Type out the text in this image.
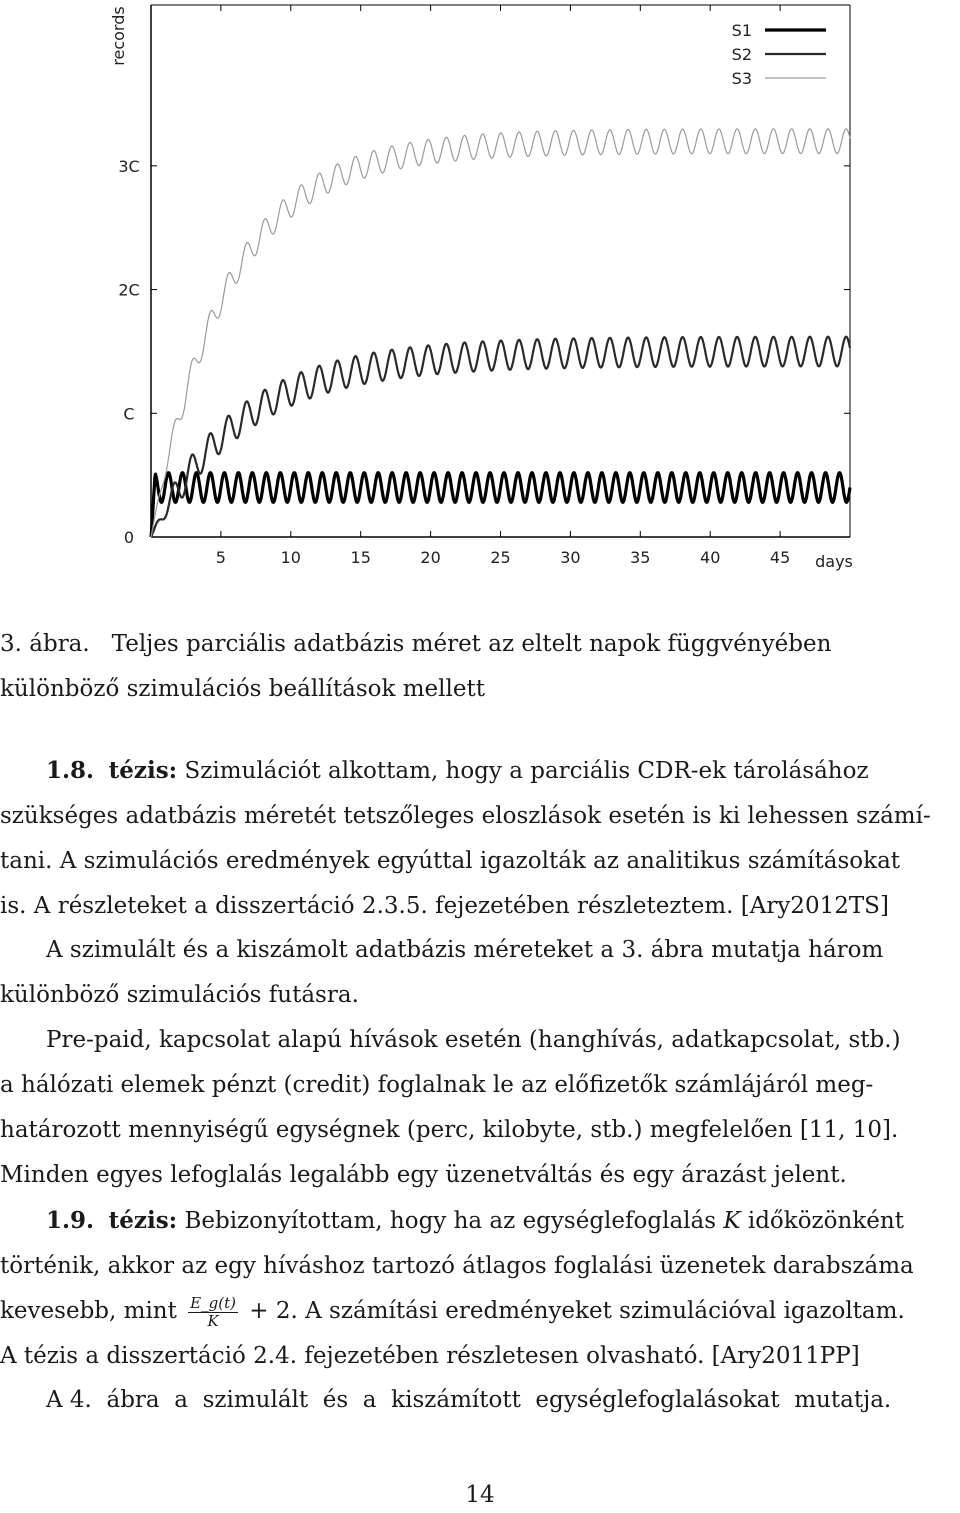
0
C
2C
3C
5	10	15	20	25	30	35	40	45
records
days
S1
S2
S3
3. ábra. Teljes parciális adatbázis méret az eltelt napok függvényében
különböző szimulációs beállítások mellett
1.8. tézis: Szimulációt alkottam, hogy a parciális CDR-ek tárolásához
szükséges adatbázis méretét tetszőleges eloszlások esetén is ki lehessen számí-
tani. A szimulációs eredmények egyúttal igazolták az analitikus számításokat
is. A részleteket a disszertáció 2.3.5. fejezetében részleteztem. [Ary2012TS]
A szimulált és a kiszámolt adatbázis méreteket a 3. ábra mutatja három
különböző szimulációs futásra.
Pre-paid, kapcsolat alapú hívások esetén (hanghívás, adatkapcsolat, stb.)
a hálózati elemek pénzt (credit) foglalnak le az előfizetők számlájáról meg-
határozott mennyiségű egységnek (perc, kilobyte, stb.) megfelelően [11, 10].
Minden egyes lefoglalás legalább egy üzenetváltás és egy árazást jelent.
1.9. tézis: Bebizonyítottam, hogy ha az egységlefoglalás K időközönként
történik, akkor az egy híváshoz tartozó átlagos foglalási üzenetek darabszáma
kevesebb, mint $\frac{E\_g(t)}{K} + 2$. A számítási eredményeket szimulációval igazoltam.
A tézis a disszertáció 2.4. fejezetében részletesen olvasható. [Ary2011PP]
A 4.  ábra  a  szimulált  és  a  kiszámított  egységlefoglalásokat  mutatja.
14
